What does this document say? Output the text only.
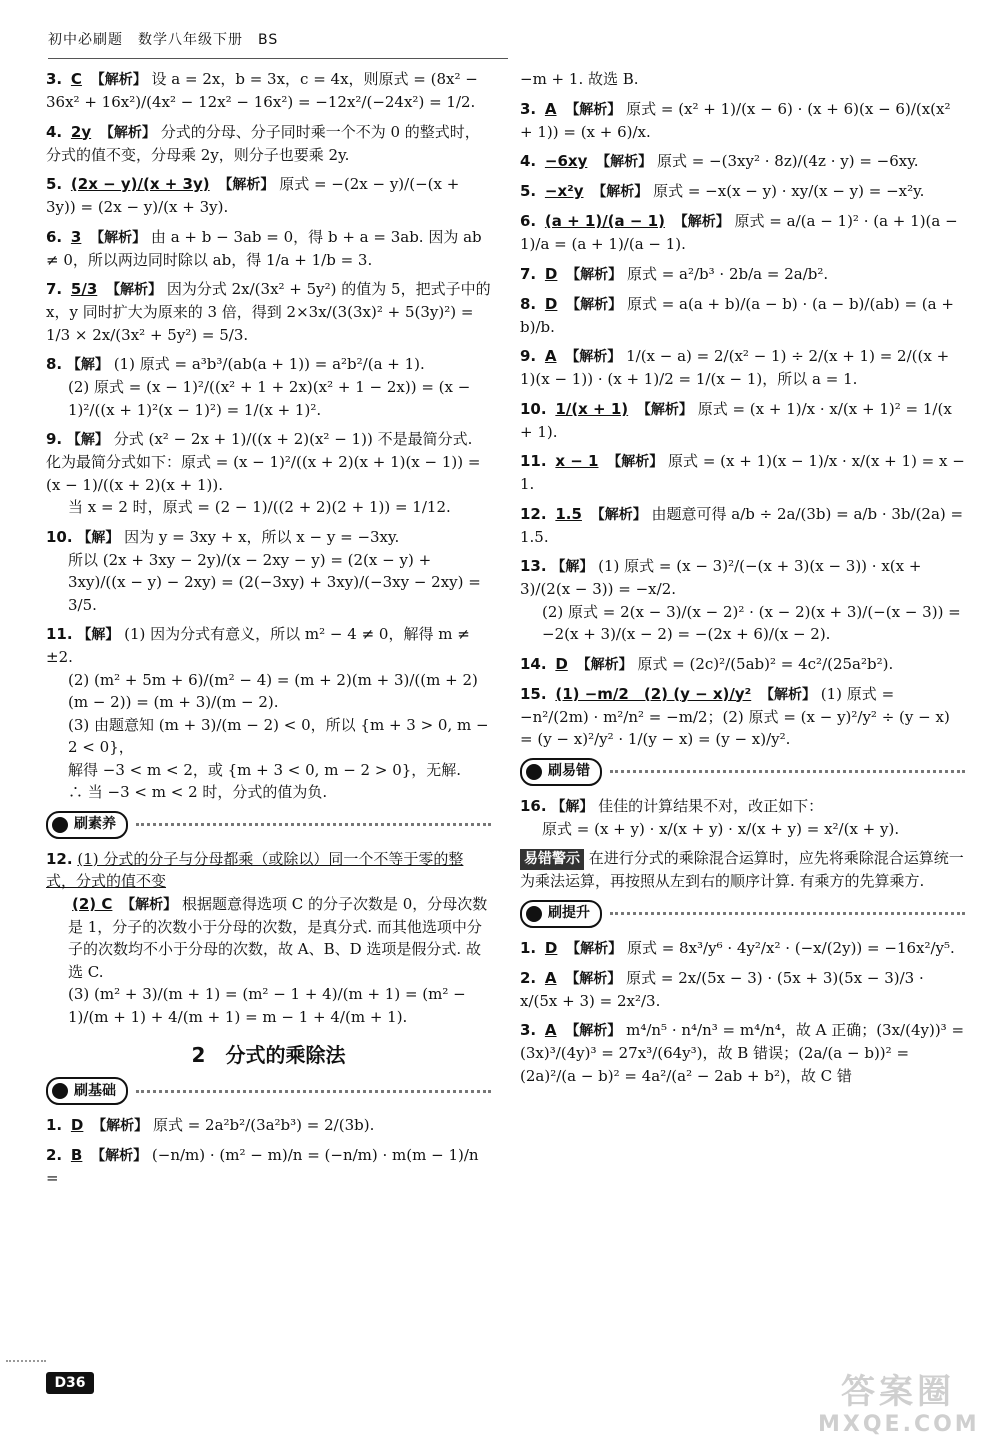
初中必刷题　数学八年级下册　BS
3. C 【解析】 设 a = 2x，b = 3x，c = 4x，则原式 = (8x² − 36x² + 16x²)/(4x² − 12x² − 16x²) = −12x²/(−24x²) = 1/2.
4. 2y 【解析】 分式的分母、分子同时乘一个不为 0 的整式时，分式的值不变，分母乘 2y，则分子也要乘 2y.
5. (2x − y)/(x + 3y) 【解析】 原式 = −(2x − y)/(−(x + 3y)) = (2x − y)/(x + 3y).
6. 3 【解析】 由 a + b − 3ab = 0，得 b + a = 3ab. 因为 ab ≠ 0，所以两边同时除以 ab，得 1/a + 1/b = 3.
7. 5/3 【解析】 因为分式 2x/(3x² + 5y²) 的值为 5，把式子中的 x，y 同时扩大为原来的 3 倍，得到 2×3x/(3(3x)² + 5(3y)²) = 1/3 × 2x/(3x² + 5y²) = 5/3.
8. 【解】 (1) 原式 = a³b³/(ab(a + 1)) = a²b²/(a + 1).
(2) 原式 = (x − 1)²/((x² + 1 + 2x)(x² + 1 − 2x)) = (x − 1)²/((x + 1)²(x − 1)²) = 1/(x + 1)².
9. 【解】 分式 (x² − 2x + 1)/((x + 2)(x² − 1)) 不是最简分式. 化为最简分式如下：原式 = (x − 1)²/((x + 2)(x + 1)(x − 1)) = (x − 1)/((x + 2)(x + 1)).
当 x = 2 时，原式 = (2 − 1)/((2 + 2)(2 + 1)) = 1/12.
10. 【解】 因为 y = 3xy + x，所以 x − y = −3xy.
所以 (2x + 3xy − 2y)/(x − 2xy − y) = (2(x − y) + 3xy)/((x − y) − 2xy) = (2(−3xy) + 3xy)/(−3xy − 2xy) = 3/5.
11. 【解】 (1) 因为分式有意义，所以 m² − 4 ≠ 0，解得 m ≠ ±2.
(2) (m² + 5m + 6)/(m² − 4) = (m + 2)(m + 3)/((m + 2)(m − 2)) = (m + 3)/(m − 2).
(3) 由题意知 (m + 3)/(m − 2) < 0，所以 {m + 3 > 0, m − 2 < 0}，
解得 −3 < m < 2，或 {m + 3 < 0, m − 2 > 0}，无解.
∴ 当 −3 < m < 2 时，分式的值为负.
刷素养
12. (1) 分式的分子与分母都乘（或除以）同一个不等于零的整式，分式的值不变
(2) C 【解析】 根据题意得选项 C 的分子次数是 0，分母次数是 1，分子的次数小于分母的次数，是真分式. 而其他选项中分子的次数均不小于分母的次数，故 A、B、D 选项是假分式. 故选 C.
(3) (m² + 3)/(m + 1) = (m² − 1 + 4)/(m + 1) = (m² − 1)/(m + 1) + 4/(m + 1) = m − 1 + 4/(m + 1).
2　分式的乘除法
刷基础
1. D 【解析】 原式 = 2a²b²/(3a²b³) = 2/(3b).
2. B 【解析】 (−n/m) · (m² − m)/n = (−n/m) · m(m − 1)/n =
−m + 1. 故选 B.
3. A 【解析】 原式 = (x² + 1)/(x − 6) · (x + 6)(x − 6)/(x(x² + 1)) = (x + 6)/x.
4. −6xy 【解析】 原式 = −(3xy² · 8z)/(4z · y) = −6xy.
5. −x²y 【解析】 原式 = −x(x − y) · xy/(x − y) = −x²y.
6. (a + 1)/(a − 1) 【解析】 原式 = a/(a − 1)² · (a + 1)(a − 1)/a = (a + 1)/(a − 1).
7. D 【解析】 原式 = a²/b³ · 2b/a = 2a/b².
8. D 【解析】 原式 = a(a + b)/(a − b) · (a − b)/(ab) = (a + b)/b.
9. A 【解析】 1/(x − a) = 2/(x² − 1) ÷ 2/(x + 1) = 2/((x + 1)(x − 1)) · (x + 1)/2 = 1/(x − 1)，所以 a = 1.
10. 1/(x + 1) 【解析】 原式 = (x + 1)/x · x/(x + 1)² = 1/(x + 1).
11. x − 1 【解析】 原式 = (x + 1)(x − 1)/x · x/(x + 1) = x − 1.
12. 1.5 【解析】 由题意可得 a/b ÷ 2a/(3b) = a/b · 3b/(2a) = 1.5.
13. 【解】 (1) 原式 = (x − 3)²/(−(x + 3)(x − 3)) · x(x + 3)/(2(x − 3)) = −x/2.
(2) 原式 = 2(x − 3)/(x − 2)² · (x − 2)(x + 3)/(−(x − 3)) = −2(x + 3)/(x − 2) = −(2x + 6)/(x − 2).
14. D 【解析】 原式 = (2c)²/(5ab)² = 4c²/(25a²b²).
15. (1) −m/2　(2) (y − x)/y² 【解析】 (1) 原式 = −n²/(2m) · m²/n² = −m/2；(2) 原式 = (x − y)²/y² ÷ (y − x) = (y − x)²/y² · 1/(y − x) = (y − x)/y².
刷易错
16. 【解】 佳佳的计算结果不对，改正如下：
原式 = (x + y) · x/(x + y) · x/(x + y) = x²/(x + y).
易错警示 在进行分式的乘除混合运算时，应先将乘除混合运算统一为乘法运算，再按照从左到右的顺序计算. 有乘方的先算乘方.
刷提升
1. D 【解析】 原式 = 8x³/y⁶ · 4y²/x² · (−x/(2y)) = −16x²/y⁵.
2. A 【解析】 原式 = 2x/(5x − 3) · (5x + 3)(5x − 3)/3 · x/(5x + 3) = 2x²/3.
3. A 【解析】 m⁴/n⁵ · n⁴/n³ = m⁴/n⁴，故 A 正确；(3x/(4y))³ = (3x)³/(4y)³ = 27x³/(64y³)，故 B 错误；(2a/(a − b))² = (2a)²/(a − b)² = 4a²/(a² − 2ab + b²)，故 C 错
D36	答案圈
MXQE.COM
